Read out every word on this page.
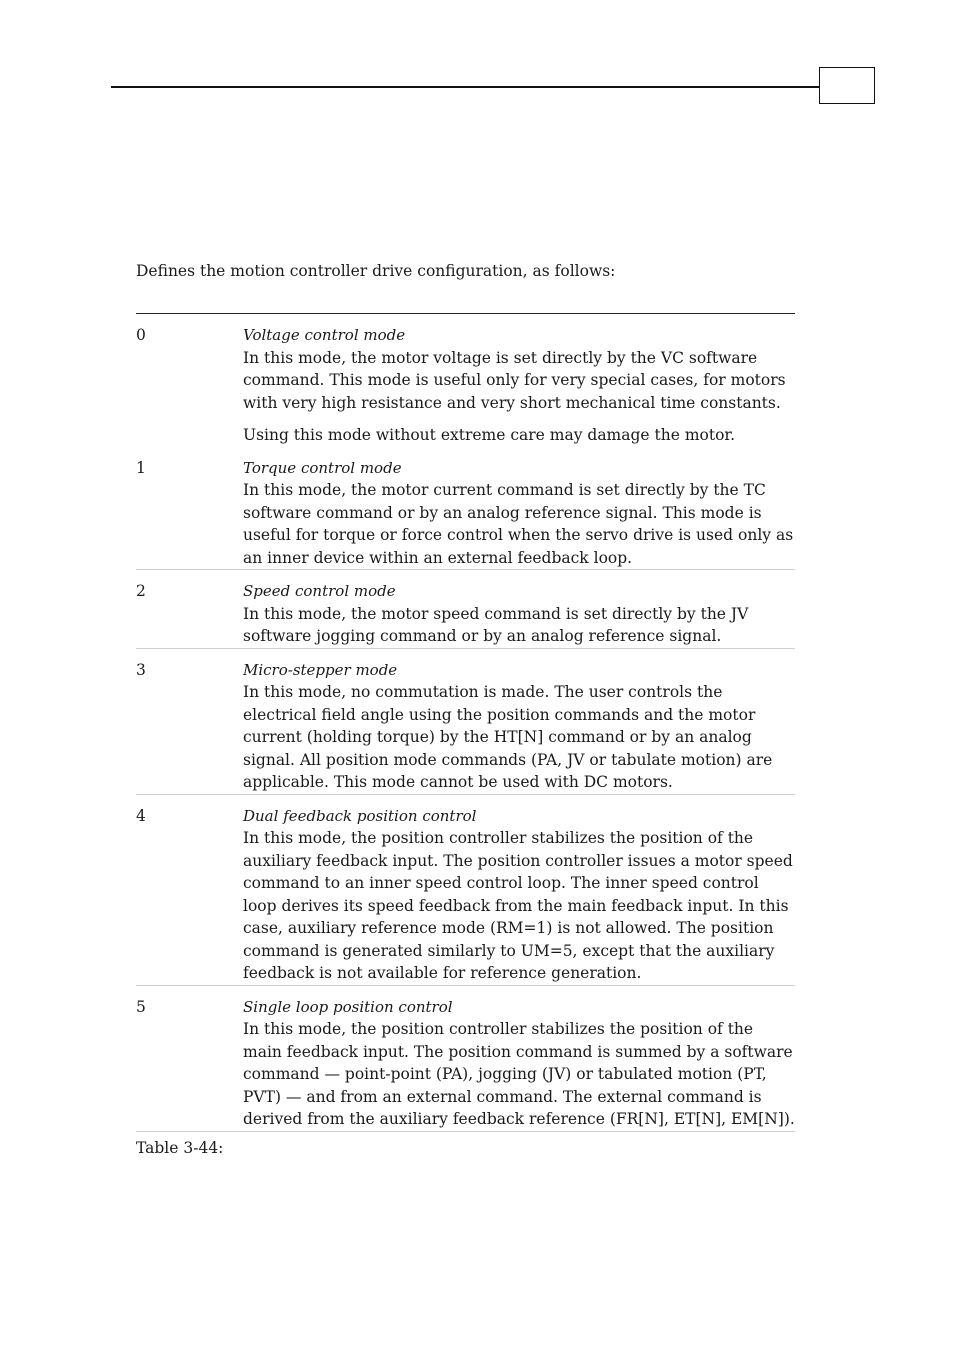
Defines the motion controller drive configuration, as follows:
0	Voltage control mode
In this mode, the motor voltage is set directly by the VC software command. This mode is useful only for very special cases, for motors with very high resistance and very short mechanical time constants.
Using this mode without extreme care may damage the motor.
1	Torque control mode
In this mode, the motor current command is set directly by the TC software command or by an analog reference signal. This mode is useful for torque or force control when the servo drive is used only as an inner device within an external feedback loop.
2	Speed control mode
In this mode, the motor speed command is set directly by the JV software jogging command or by an analog reference signal.
3	Micro-stepper mode
In this mode, no commutation is made. The user controls the electrical field angle using the position commands and the motor current (holding torque) by the HT[N] command or by an analog signal. All position mode commands (PA, JV or tabulate motion) are applicable. This mode cannot be used with DC motors.
4	Dual feedback position control
In this mode, the position controller stabilizes the position of the auxiliary feedback input. The position controller issues a motor speed command to an inner speed control loop. The inner speed control loop derives its speed feedback from the main feedback input. In this case, auxiliary reference mode (RM=1) is not allowed. The position command is generated similarly to UM=5, except that the auxiliary feedback is not available for reference generation.
5	Single loop position control
In this mode, the position controller stabilizes the position of the main feedback input. The position command is summed by a software command — point-point (PA), jogging (JV) or tabulated motion (PT, PVT) — and from an external command. The external command is derived from the auxiliary feedback reference (FR[N], ET[N], EM[N]).
Table 3-44:
